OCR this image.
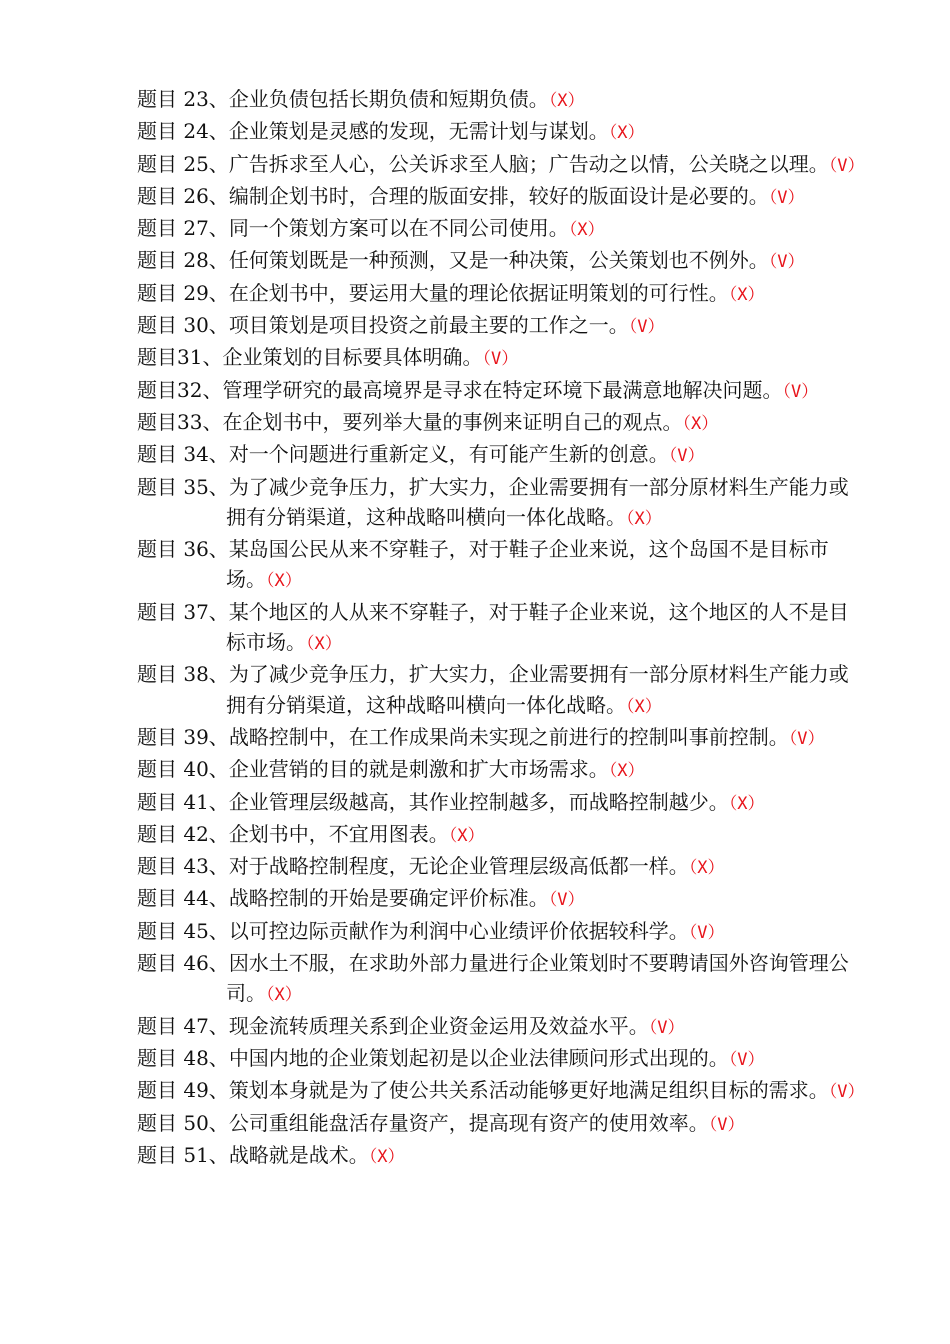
题目 23、企业负债包括长期负债和短期负债。（X）
题目 24、企业策划是灵感的发现，无需计划与谋划。（X）
题目 25、广告拆求至人心，公关诉求至人脑；广告动之以情，公关晓之以理。（V）
题目 26、编制企划书时，合理的版面安排，较好的版面设计是必要的。（V）
题目 27、同一个策划方案可以在不同公司使用。（X）
题目 28、任何策划既是一种预测，又是一种决策，公关策划也不例外。（V）
题目 29、在企划书中，要运用大量的理论依据证明策划的可行性。（X）
题目 30、项目策划是项目投资之前最主要的工作之一。（V）
题目31、企业策划的目标要具体明确。（V）
题目32、管理学研究的最高境界是寻求在特定环境下最满意地解决问题。（V）
题目33、在企划书中，要列举大量的事例来证明自己的观点。（X）
题目 34、对一个问题进行重新定义，有可能产生新的创意。（V）
题目 35、为了减少竞争压力，扩大实力，企业需要拥有一部分原材料生产能力或拥有分销渠道，这种战略叫横向一体化战略。（X）
题目 36、某岛国公民从来不穿鞋子，对于鞋子企业来说，这个岛国不是目标市场。（X）
题目 37、某个地区的人从来不穿鞋子，对于鞋子企业来说，这个地区的人不是目标市场。（X）
题目 38、为了减少竞争压力，扩大实力，企业需要拥有一部分原材料生产能力或拥有分销渠道，这种战略叫横向一体化战略。（X）
题目 39、战略控制中，在工作成果尚未实现之前进行的控制叫事前控制。（V）
题目 40、企业营销的目的就是刺激和扩大市场需求。（X）
题目 41、企业管理层级越高，其作业控制越多，而战略控制越少。（X）
题目 42、企划书中，不宜用图表。（X）
题目 43、对于战略控制程度，无论企业管理层级高低都一样。（X）
题目 44、战略控制的开始是要确定评价标准。（V）
题目 45、以可控边际贡献作为利润中心业绩评价依据较科学。（V）
题目 46、因水土不服，在求助外部力量进行企业策划时不要聘请国外咨询管理公司。（X）
题目 47、现金流转质理关系到企业资金运用及效益水平。（V）
题目 48、中国内地的企业策划起初是以企业法律顾问形式出现的。（V）
题目 49、策划本身就是为了使公共关系活动能够更好地满足组织目标的需求。（V）
题目 50、公司重组能盘活存量资产，提高现有资产的使用效率。（V）
题目 51、战略就是战术。（X）
